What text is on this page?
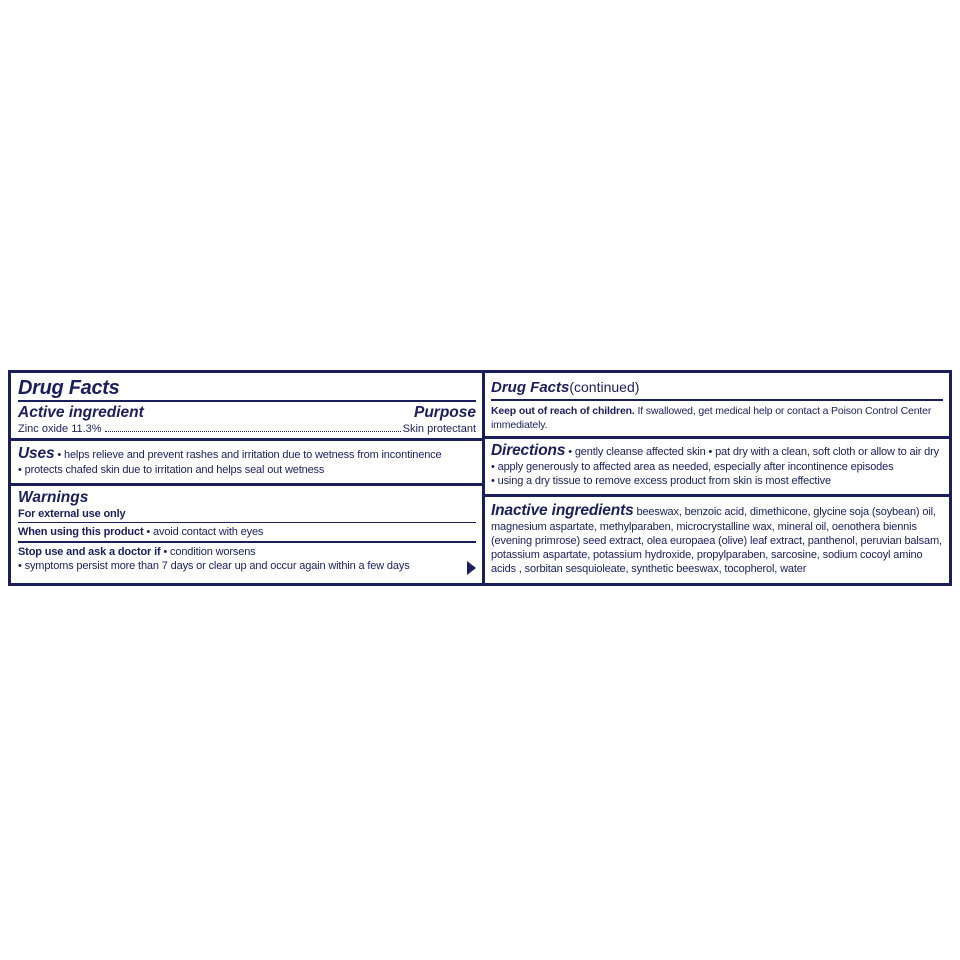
Drug Facts
Active ingredient	Purpose
Zinc oxide 11.3%	Skin protectant
Uses • helps relieve and prevent rashes and irritation due to wetness from incontinence
• protects chafed skin due to irritation and helps seal out wetness
Warnings
For external use only
When using this product • avoid contact with eyes
Stop use and ask a doctor if • condition worsens
• symptoms persist more than 7 days or clear up and occur again within a few days
Drug Facts(continued)
Keep out of reach of children. If swallowed, get medical help or contact a Poison Control Center immediately.
Directions • gently cleanse affected skin • pat dry with a clean, soft cloth or allow to air dry
• apply generously to affected area as needed, especially after incontinence episodes
• using a dry tissue to remove excess product from skin is most effective
Inactive ingredients beeswax, benzoic acid, dimethicone, glycine soja (soybean) oil, magnesium aspartate, methylparaben, microcrystalline wax, mineral oil, oenothera biennis (evening primrose) seed extract, olea europaea (olive) leaf extract, panthenol, peruvian balsam, potassium aspartate, potassium hydroxide, propylparaben, sarcosine, sodium cocoyl amino acids , sorbitan sesquioleate, synthetic beeswax, tocopherol, water
